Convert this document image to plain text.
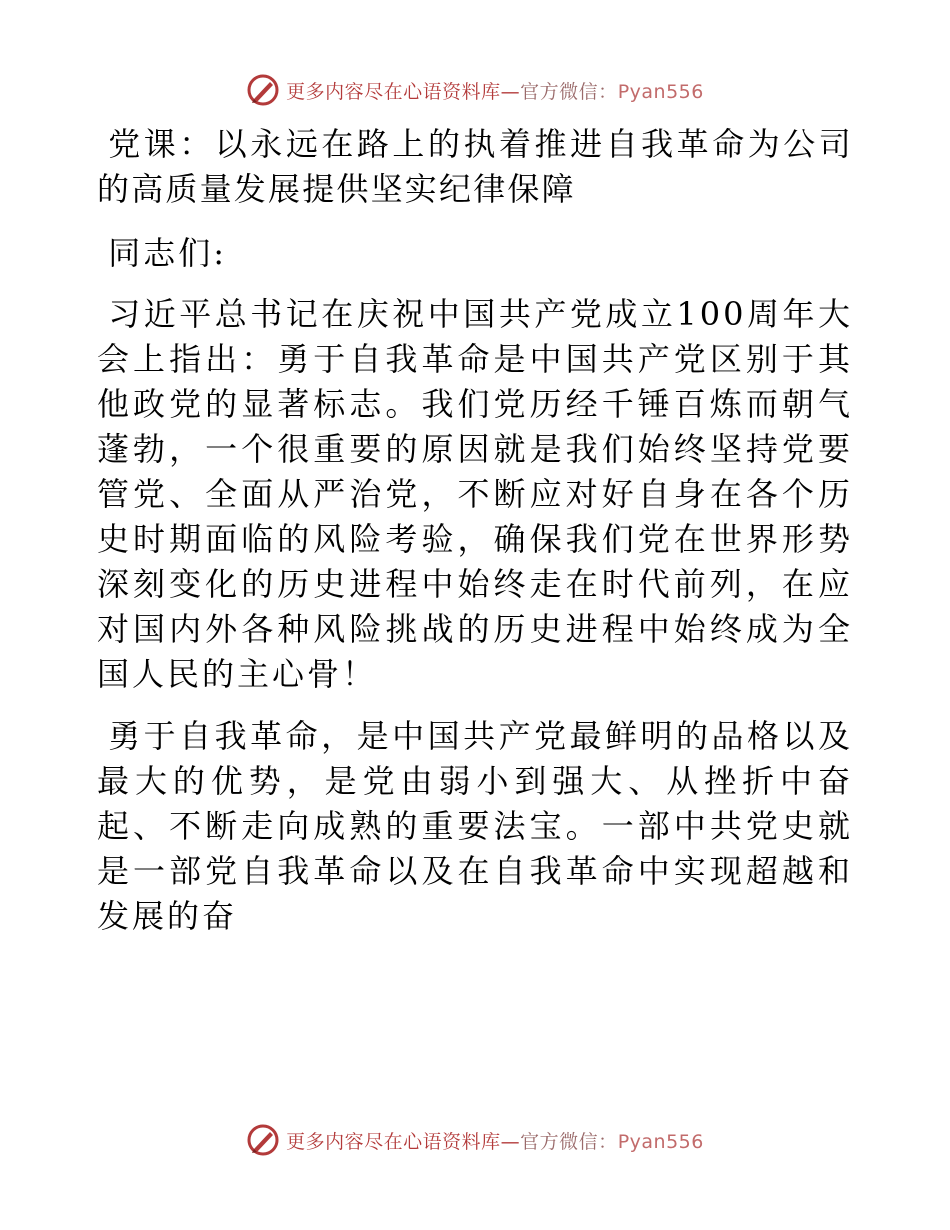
更多内容尽在心语资料库—官方微信：Pyan556

党课：以永远在路上的执着推进自我革命为公司的高质量发展提供坚实纪律保障

同志们:

习近平总书记在庆祝中国共产党成立100周年大会上指出：勇于自我革命是中国共产党区别于其他政党的显著标志。我们党历经千锤百炼而朝气蓬勃，一个很重要的原因就是我们始终坚持党要管党、全面从严治党，不断应对好自身在各个历史时期面临的风险考验，确保我们党在世界形势深刻变化的历史进程中始终走在时代前列，在应对国内外各种风险挑战的历史进程中始终成为全国人民的主心骨！

勇于自我革命，是中国共产党最鲜明的品格以及最大的优势，是党由弱小到强大、从挫折中奋起、不断走向成熟的重要法宝。一部中共党史就是一部党自我革命以及在自我革命中实现超越和发展的奋

更多内容尽在心语资料库—官方微信：Pyan556
